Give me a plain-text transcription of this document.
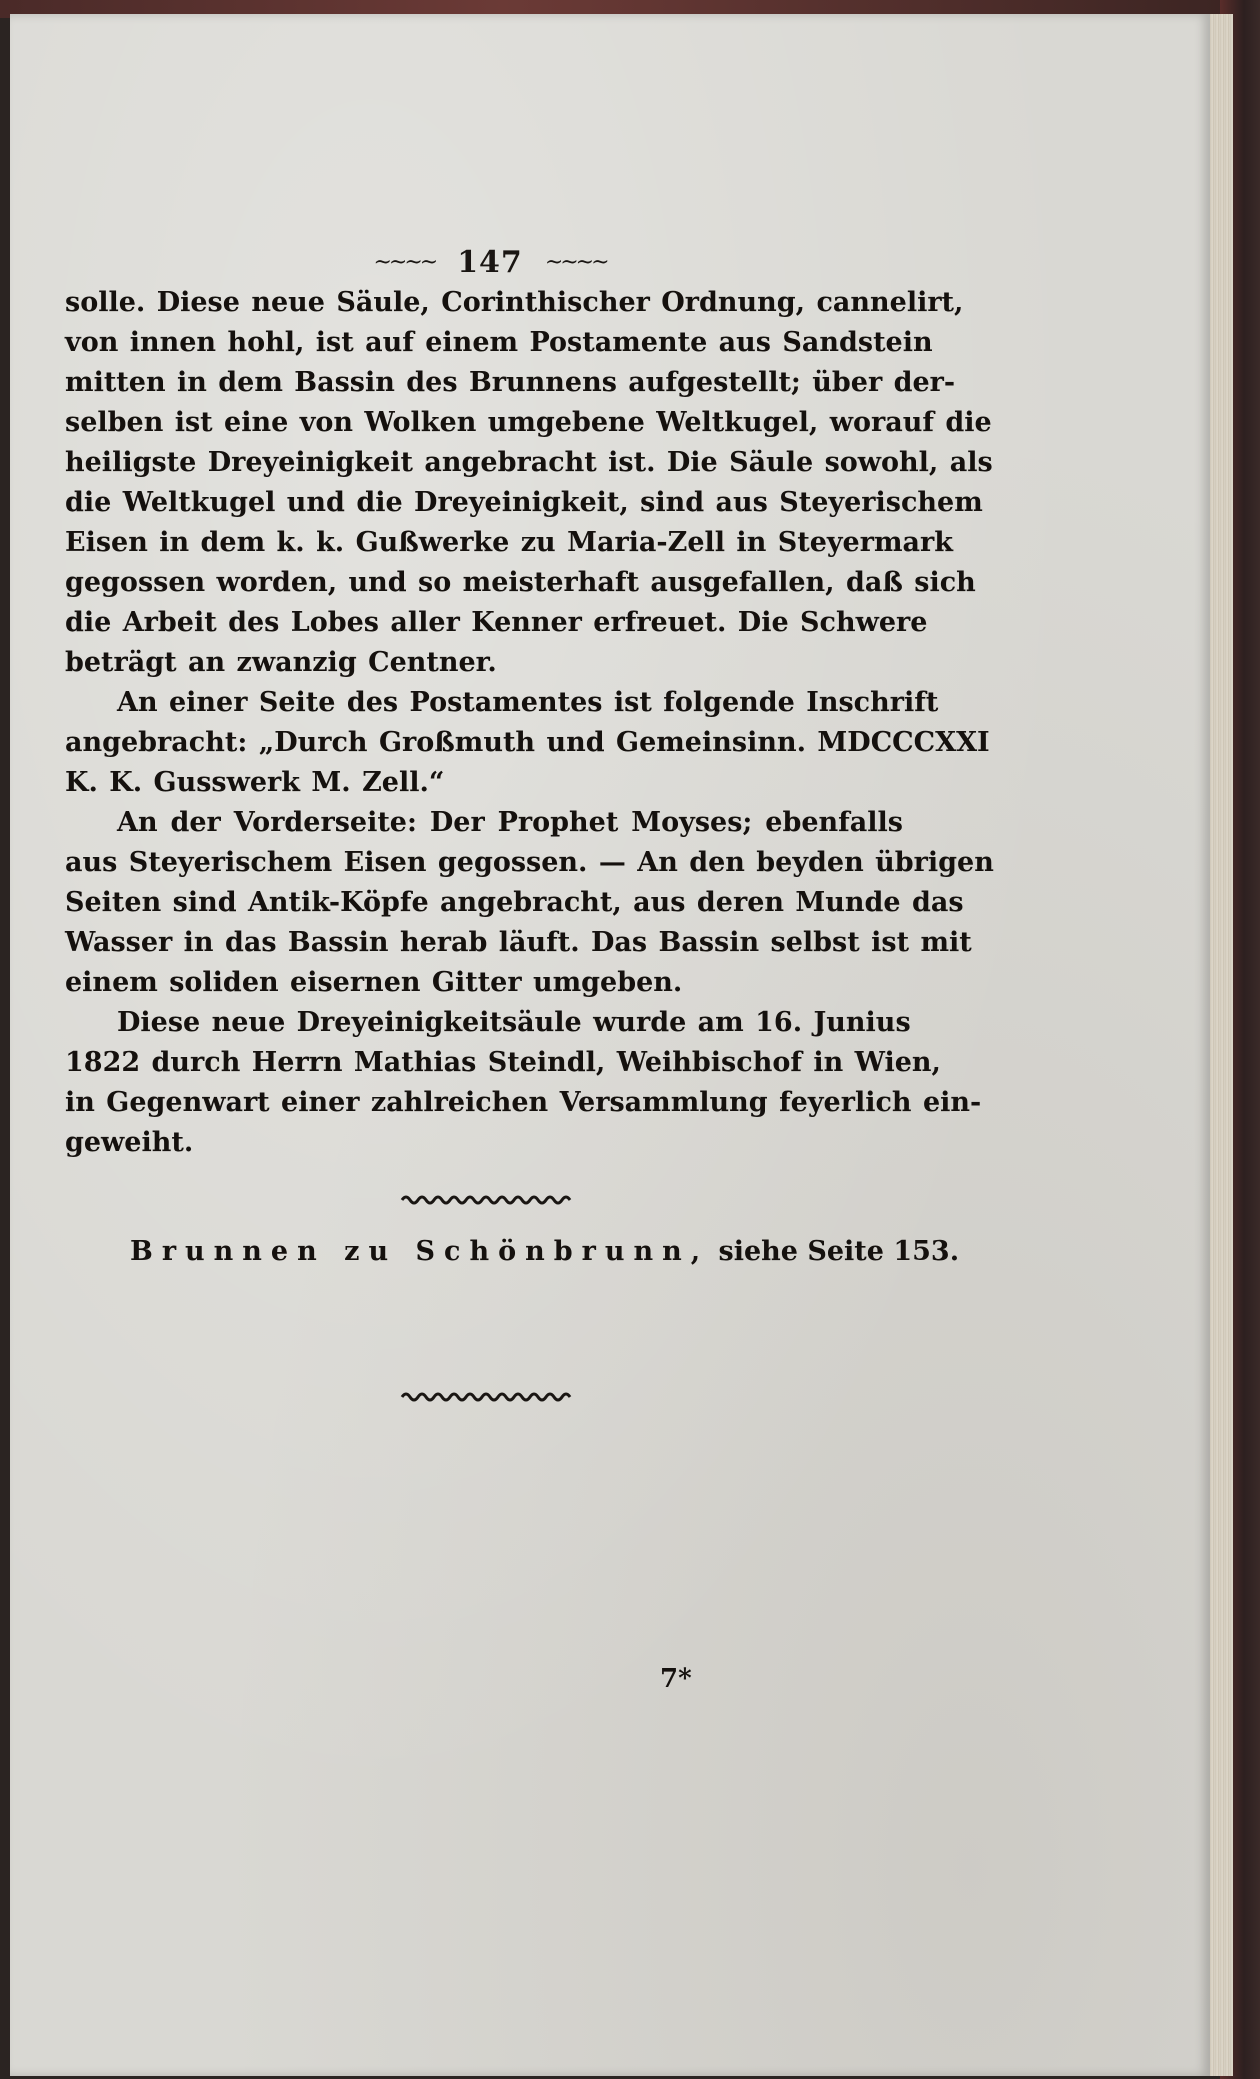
~~~~ 147 ~~~~
solle. Diese neue Säule, Corinthischer Ordnung, cannelirt,
von innen hohl, ist auf einem Postamente aus Sandstein
mitten in dem Bassin des Brunnens aufgestellt; über der-
selben ist eine von Wolken umgebene Weltkugel, worauf die
heiligste Dreyeinigkeit angebracht ist. Die Säule sowohl, als
die Weltkugel und die Dreyeinigkeit, sind aus Steyerischem
Eisen in dem k. k. Gußwerke zu Maria-Zell in Steyermark
gegossen worden, und so meisterhaft ausgefallen, daß sich
die Arbeit des Lobes aller Kenner erfreuet. Die Schwere
beträgt an zwanzig Centner.
An einer Seite des Postamentes ist folgende Inschrift
angebracht: „Durch Großmuth und Gemeinsinn. MDCCCXXI
K. K. Gusswerk M. Zell.“
An der Vorderseite: Der Prophet Moyses; ebenfalls
aus Steyerischem Eisen gegossen. — An den beyden übrigen
Seiten sind Antik-Köpfe angebracht, aus deren Munde das
Wasser in das Bassin herab läuft. Das Bassin selbst ist mit
einem soliden eisernen Gitter umgeben.
Diese neue Dreyeinigkeitsäule wurde am 16. Junius
1822 durch Herrn Mathias Steindl, Weihbischof in Wien,
in Gegenwart einer zahlreichen Versammlung feyerlich ein-
geweiht.
Brunnen zu Schönbrunn, siehe Seite 153.
7*
